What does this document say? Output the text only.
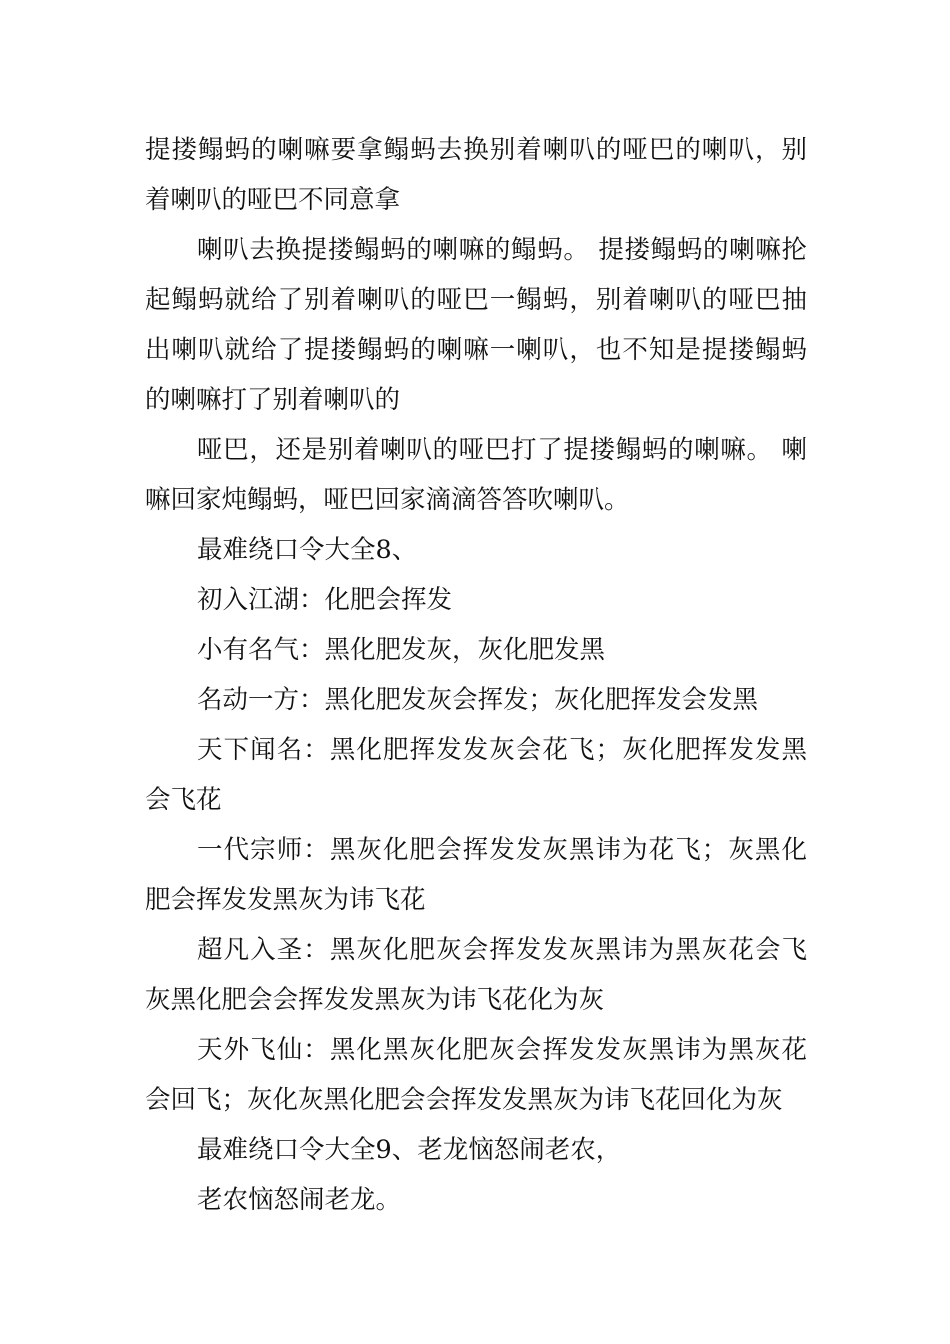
提搂鳎蚂的喇嘛要拿鳎蚂去换别着喇叭的哑巴的喇叭，别着喇叭的哑巴不同意拿

喇叭去换提搂鳎蚂的喇嘛的鳎蚂。 提搂鳎蚂的喇嘛抡起鳎蚂就给了别着喇叭的哑巴一鳎蚂，别着喇叭的哑巴抽出喇叭就给了提搂鳎蚂的喇嘛一喇叭，也不知是提搂鳎蚂的喇嘛打了别着喇叭的

哑巴，还是别着喇叭的哑巴打了提搂鳎蚂的喇嘛。 喇嘛回家炖鳎蚂，哑巴回家滴滴答答吹喇叭。

最难绕口令大全8、

初入江湖：化肥会挥发

小有名气：黑化肥发灰，灰化肥发黑

名动一方：黑化肥发灰会挥发；灰化肥挥发会发黑

天下闻名：黑化肥挥发发灰会花飞；灰化肥挥发发黑会飞花

一代宗师：黑灰化肥会挥发发灰黑讳为花飞；灰黑化肥会挥发发黑灰为讳飞花

超凡入圣：黑灰化肥灰会挥发发灰黑讳为黑灰花会飞灰黑化肥会会挥发发黑灰为讳飞花化为灰

天外飞仙：黑化黑灰化肥灰会挥发发灰黑讳为黑灰花会回飞；灰化灰黑化肥会会挥发发黑灰为讳飞花回化为灰

最难绕口令大全9、老龙恼怒闹老农，

老农恼怒闹老龙。
